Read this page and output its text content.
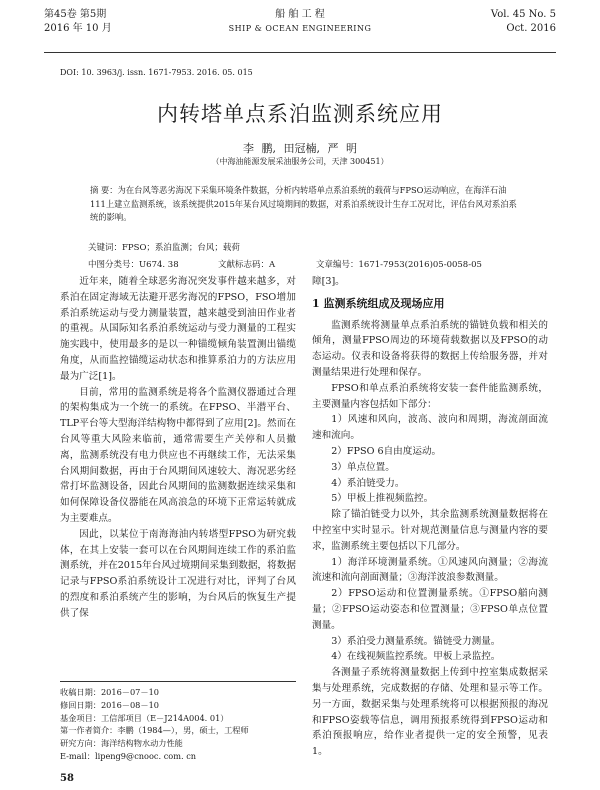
第45卷 第5期
2016 年 10 月
船 舶 工 程
SHIP & OCEAN ENGINEERING
Vol. 45 No. 5
Oct. 2016
DOI: 10. 3963/j. issn. 1671-7953. 2016. 05. 015
内转塔单点系泊监测系统应用
李 鹏, 田冠楠, 严 明
（中海油能源发展采油服务公司，天津 300451）
摘 要：为在台风等恶劣海况下采集环境条件数据，分析内转塔单点系泊系统的载荷与FPSO运动响应，在海洋石油 111上建立监测系统，该系统提供2015年某台风过境期间的数据，对系泊系统设计生存工况对比，评估台风对系泊系统的影响。
关键词：FPSO；系泊监测；台风；载荷
中图分类号：U674. 38	文献标志码：A	文章编号：1671-7953(2016)05-0058-05

近年来，随着全球恶劣海况突发事件越来越多，对系泊在固定海域无法避开恶劣海况的FPSO，FSO增加系泊系统运动与受力测量装置，越来越受到油田作业者的重视。从国际知名系泊系统运动与受力测量的工程实施实践中，使用最多的是以一种锚缆倾角装置测出锚缆角度，从而监控锚缆运动状态和推算系泊力的方法应用最为广泛[1]。

目前，常用的监测系统是将各个监测仪器通过合理的架构集成为一个统一的系统。在FPSO、半潜平台、TLP平台等大型海洋结构物中都得到了应用[2]。然而在台风等重大风险来临前，通常需要生产关停和人员撤离，监测系统没有电力供应也不再继续工作，无法采集台风期间数据，再由于台风期间风速较大、海况恶劣经常打坏监测设备，因此台风期间的监测数据连续采集和如何保障设备仪器能在风高浪急的环境下正常运转就成为主要难点。

因此，以某位于南海海油内转塔型FPSO为研究载体，在其上安装一套可以在台风期间连续工作的系泊监测系统，并在2015年台风过境期间采集到数据，将数据记录与FPSO系泊系统设计工况进行对比，评判了台风的烈度和系泊系统产生的影响，为台风后的恢复生产提供了保

障[3]。

1 监测系统组成及现场应用

监测系统将测量单点系泊系统的锚链负载和相关的倾角，测量FPSO周边的环境荷载数据以及FPSO的动态运动。仪表和设备将获得的数据上传给服务器，并对测量结果进行处理和保存。

FPSO和单点系泊系统将安装一套件能监测系统，主要测量内容包括如下部分：

1）风速和风向，波高、波向和周期，海流剖面流速和流向。

2）FPSO 6自由度运动。

3）单点位置。

4）系泊链受力。

5）甲板上推视频监控。

除了锚泊链受力以外，其余监测系统测量数据将在中控室中实时显示。针对规范测量信息与测量内容的要求，监测系统主要包括以下几部分。

1）海洋环境测量系统。①风速风向测量；②海流流速和流向剖面测量；③海洋波浪参数测量。

2）FPSO运动和位置测量系统。①FPSO艏向测量；②FPSO运动姿态和位置测量；③FPSO单点位置测量。

3）系泊受力测量系统。锚链受力测量。

4）在线视频监控系统。甲板上录监控。

各测量子系统将测量数据上传到中控室集成数据采集与处理系统，完成数据的存储、处理和显示等工作。另一方面，数据采集与处理系统将可以根据预报的海况和FPSO姿载等信息，调用预报系统得到FPSO运动和系泊预报响应，给作业者提供一定的安全预警，见表1。

收稿日期：2016－07－10
修回日期：2016－08－10
基金项目：工信部项目（E－J214A004. 01）
第一作者简介：李鹏（1984—），男，硕士，工程师
研究方向：海洋结构物水动力性能
E-mail：lipeng9@cnooc. com. cn
58
